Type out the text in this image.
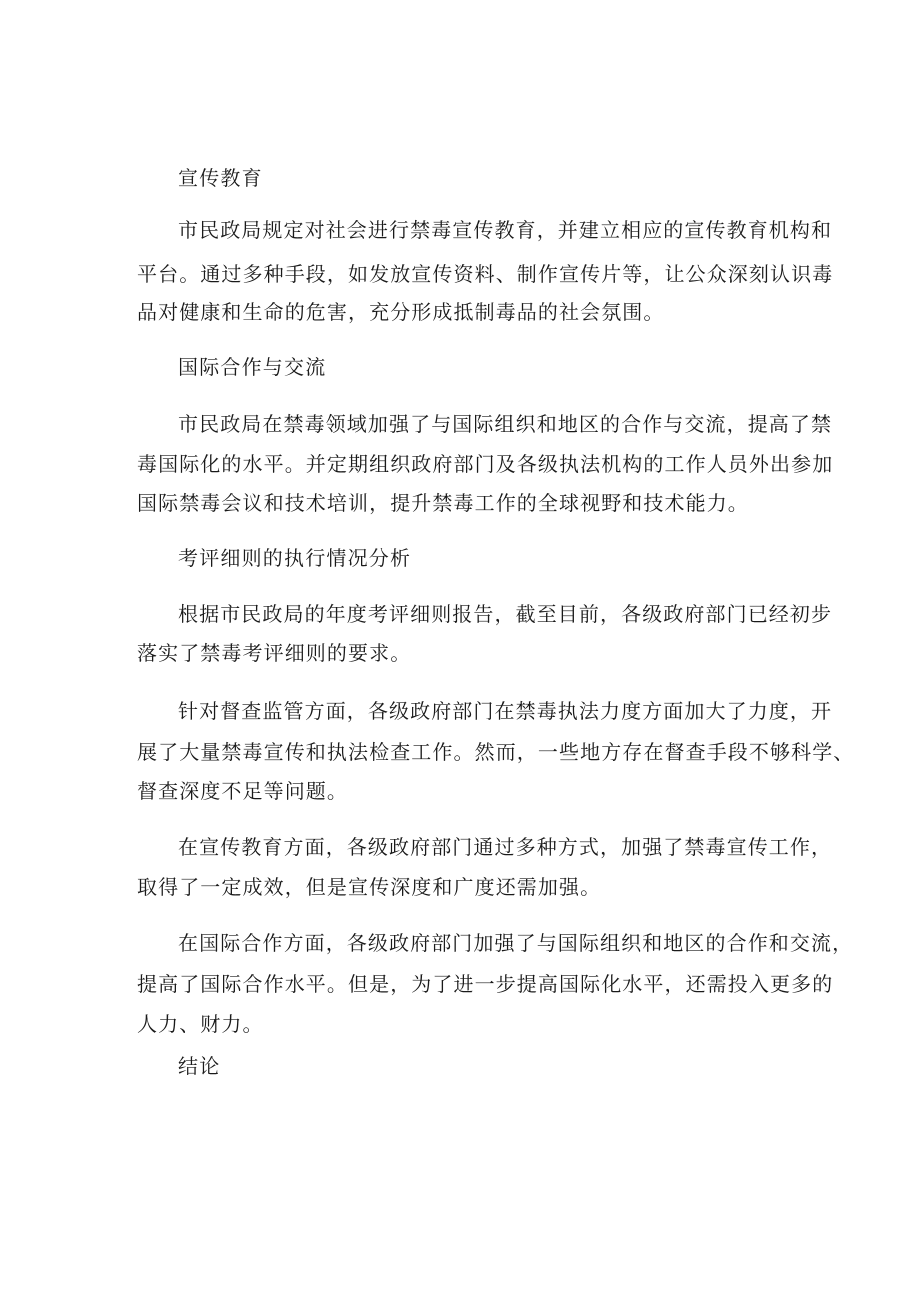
宣传教育
市民政局规定对社会进行禁毒宣传教育，并建立相应的宣传教育机构和
平台。通过多种手段，如发放宣传资料、制作宣传片等，让公众深刻认识毒
品对健康和生命的危害，充分形成抵制毒品的社会氛围。
国际合作与交流
市民政局在禁毒领域加强了与国际组织和地区的合作与交流，提高了禁
毒国际化的水平。并定期组织政府部门及各级执法机构的工作人员外出参加
国际禁毒会议和技术培训，提升禁毒工作的全球视野和技术能力。
考评细则的执行情况分析
根据市民政局的年度考评细则报告，截至目前，各级政府部门已经初步
落实了禁毒考评细则的要求。
针对督查监管方面，各级政府部门在禁毒执法力度方面加大了力度，开
展了大量禁毒宣传和执法检查工作。然而，一些地方存在督查手段不够科学、
督查深度不足等问题。
在宣传教育方面，各级政府部门通过多种方式，加强了禁毒宣传工作，
取得了一定成效，但是宣传深度和广度还需加强。
在国际合作方面，各级政府部门加强了与国际组织和地区的合作和交流，
提高了国际合作水平。但是，为了进一步提高国际化水平，还需投入更多的
人力、财力。
结论
